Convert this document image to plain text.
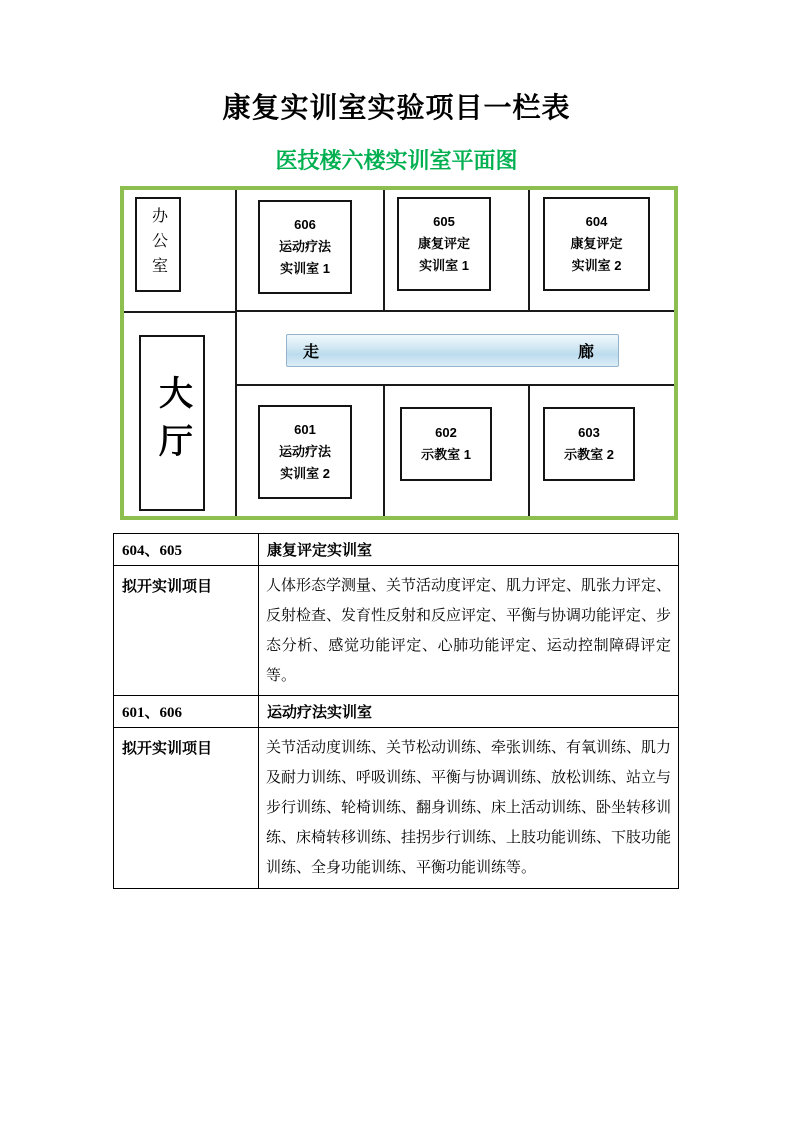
康复实训室实验项目一栏表
医技楼六楼实训室平面图
办公室
大厅
606
运动疗法
实训室 1
605
康复评定
实训室 1
604
康复评定
实训室 2
走	廊
601
运动疗法
实训室 2
602
示教室 1
603
示教室 2
604、605	康复评定实训室
拟开实训项目	人体形态学测量、关节活动度评定、肌力评定、肌张力评定、反射检查、发育性反射和反应评定、平衡与协调功能评定、步态分析、感觉功能评定、心肺功能评定、运动控制障碍评定等。
601、606	运动疗法实训室
拟开实训项目	关节活动度训练、关节松动训练、牵张训练、有氧训练、肌力及耐力训练、呼吸训练、平衡与协调训练、放松训练、站立与步行训练、轮椅训练、翻身训练、床上活动训练、卧坐转移训练、床椅转移训练、挂拐步行训练、上肢功能训练、下肢功能训练、全身功能训练、平衡功能训练等。
